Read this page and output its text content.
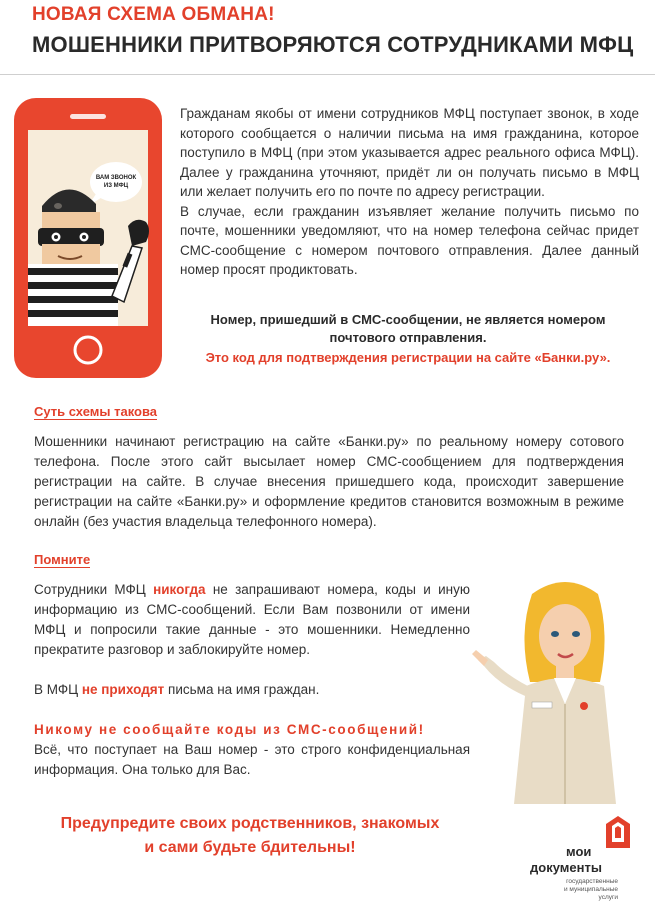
НОВАЯ СХЕМА ОБМАНА!
МОШЕННИКИ ПРИТВОРЯЮТСЯ СОТРУДНИКАМИ МФЦ
ВАМ ЗВОНОК
ИЗ МФЦ

Гражданам якобы от имени сотрудников МФЦ поступает звонок, в ходе которого сообщается о наличии письма на имя гражданина, которое поступило в МФЦ (при этом указывается адрес реального офиса МФЦ). Далее у гражданина уточняют, придёт ли он получать письмо в МФЦ или желает получить его по почте по адресу регистрации.

В случае, если гражданин изъявляет желание получить письмо по почте, мошенники уведомляют, что на номер телефона сейчас придет СМС-сообщение с номером почтового отправления. Далее данный номер просят продиктовать.

Номер, пришедший в СМС-сообщении, не является номером почтового отправления.
Это код для подтверждения регистрации на сайте «Банки.ру».
Суть схемы такова
Мошенники начинают регистрацию на сайте «Банки.ру» по реальному номеру сотового телефона. После этого сайт высылает номер СМС-сообщением для подтверждения регистрации на сайте. В случае внесения пришедшего кода, происходит завершение регистрации на сайте «Банки.ру» и оформление кредитов становится возможным в режиме онлайн (без участия владельца телефонного номера).
Помните

Сотрудники МФЦ никогда не запрашивают номера, коды и иную информацию из СМС-сообщений. Если Вам позвонили от имени МФЦ и попросили такие данные - это мошенники. Немедленно прекратите разговор и заблокируйте номер.

В МФЦ не приходят письма на имя граждан.

Никому не сообщайте коды из СМС-сообщений!

Всё, что поступает на Ваш номер - это строго конфиденциальная информация. Она только для Вас.

Предупредите своих родственников, знакомых
и сами будьте бдительны!	мои
документы
государственные
и муниципальные услуги
